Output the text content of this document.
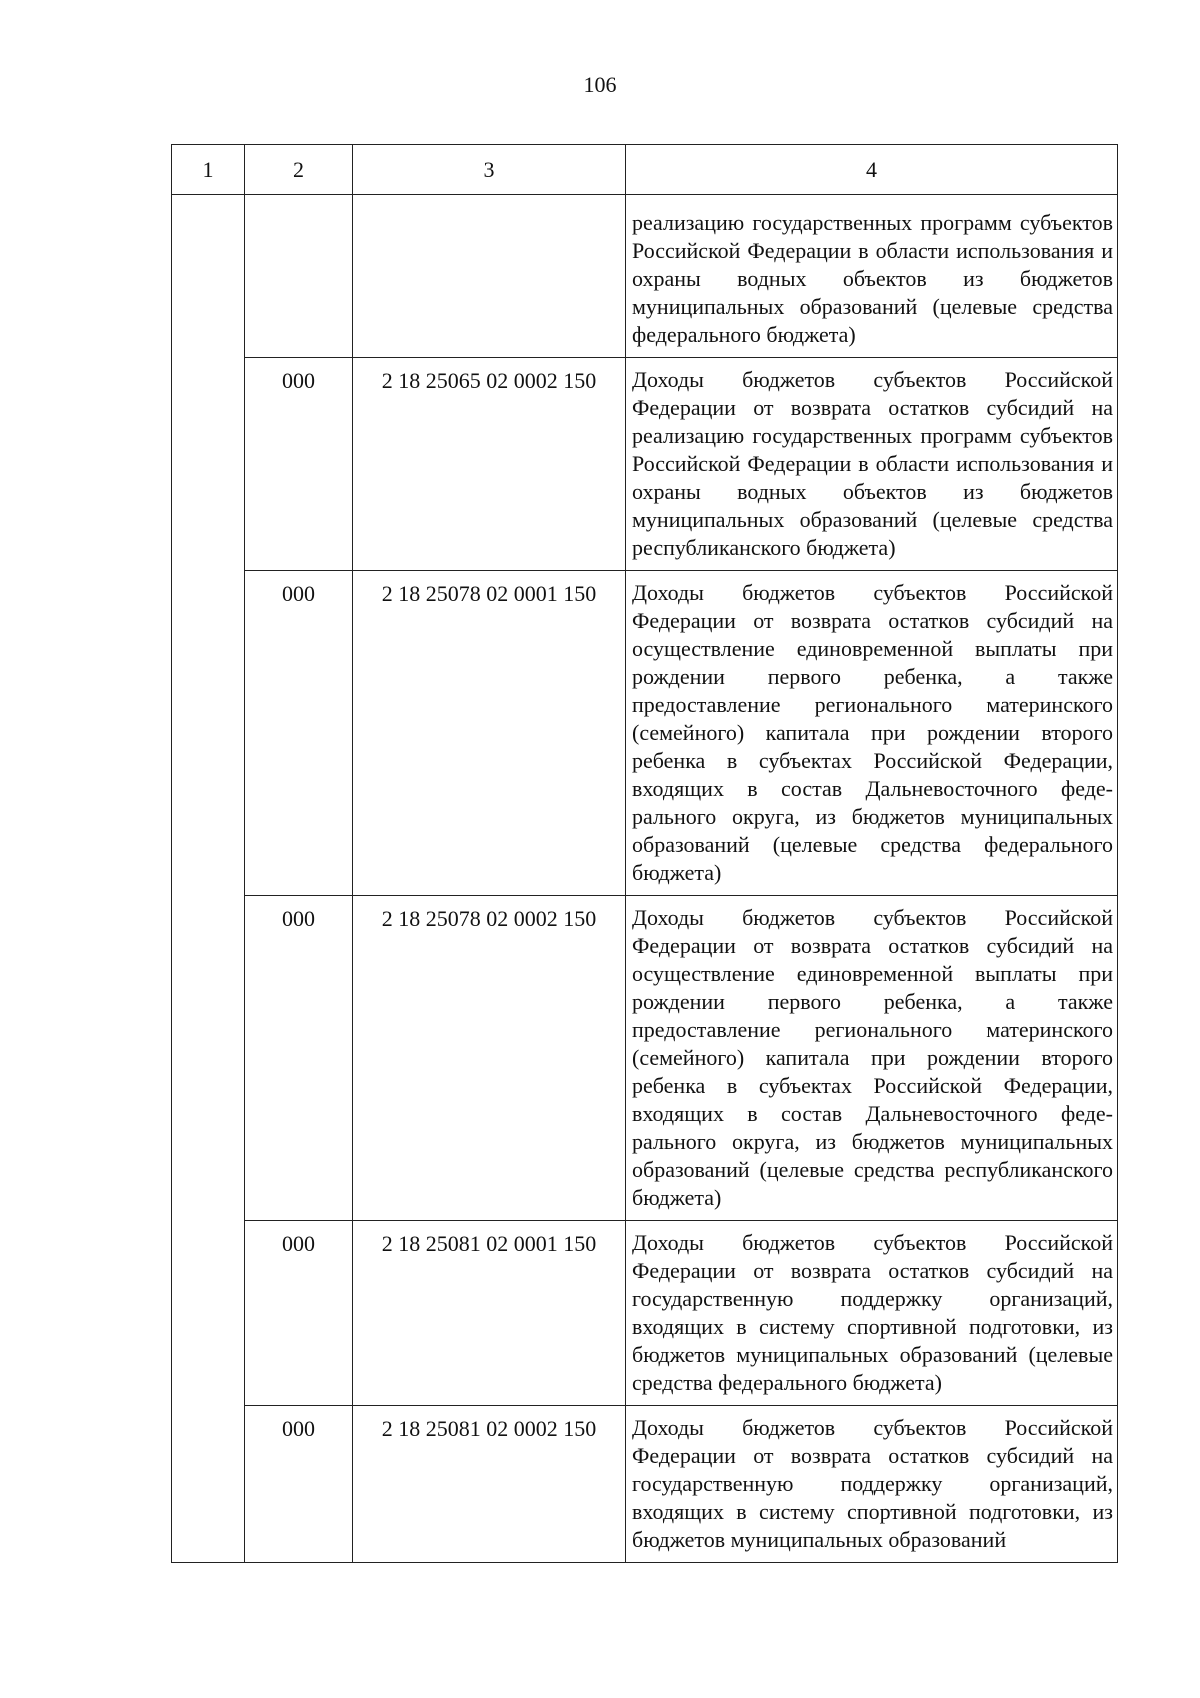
106
1	2	3	4
			реализацию государственных программ субъектов Российской Федерации в области использования и охраны водных объектов из бюджетов муниципальных образований (целевые средства федерального бюджета)
	000	2 18 25065 02 0002 150	Доходы бюджетов субъектов Российской Федерации от возврата остатков субсидий на реализацию государственных программ субъектов Российской Федерации в области использования и охраны водных объектов из бюджетов муниципальных образований (целевые средства республиканского бюджета)
	000	2 18 25078 02 0001 150	Доходы бюджетов субъектов Российской Федерации от возврата остатков субсидий на осуществление единовременной выплаты при рождении первого ребенка, а также предоставление регионального материнского (семейного) капитала при рождении второго ребенка в субъектах Российской Федерации, входящих в состав Дальневосточного федерального округа, из бюджетов муниципальных образований (целевые средства федерального бюджета)
	000	2 18 25078 02 0002 150	Доходы бюджетов субъектов Российской Федерации от возврата остатков субсидий на осуществление единовременной выплаты при рождении первого ребенка, а также предоставление регионального материнского (семейного) капитала при рождении второго ребенка в субъектах Российской Федерации, входящих в состав Дальневосточного федерального округа, из бюджетов муниципальных образований (целевые средства республиканского бюджета)
	000	2 18 25081 02 0001 150	Доходы бюджетов субъектов Российской Федерации от возврата остатков субсидий на государственную поддержку организаций, входящих в систему спортивной подготовки, из бюджетов муниципальных образований (целевые средства федерального бюджета)
	000	2 18 25081 02 0002 150	Доходы бюджетов субъектов Российской Федерации от возврата остатков субсидий на государственную поддержку организаций, входящих в систему спортивной подготовки, из бюджетов муниципальных образований
